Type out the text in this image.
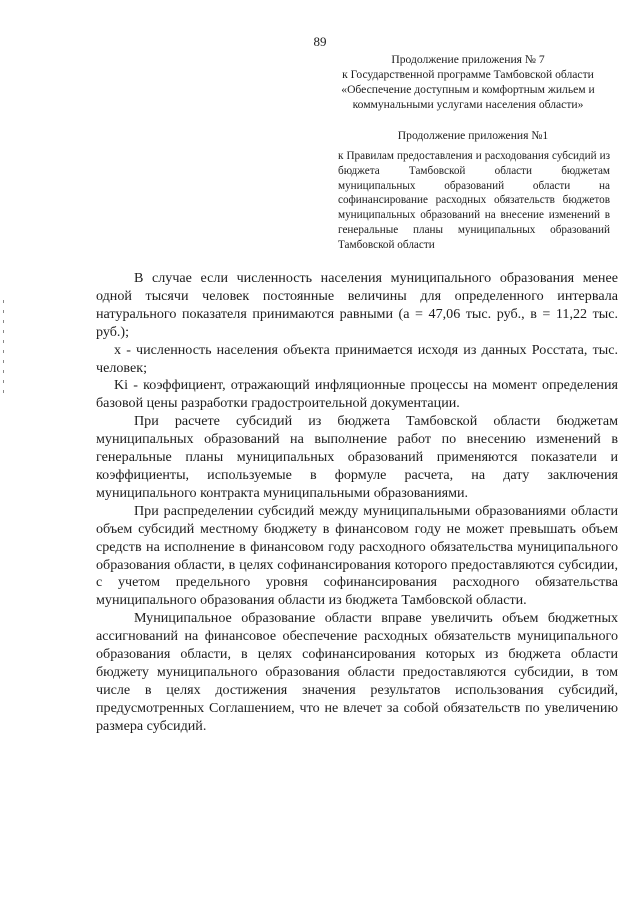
89
Продолжение приложения № 7
к Государственной программе Тамбовской области
«Обеспечение доступным и комфортным жильем и
коммунальными услугами населения области»
Продолжение приложения №1
к Правилам предоставления и расходования субсидий из бюджета Тамбовской области бюджетам муниципальных образований области на софинансирование расходных обязательств бюджетов муниципальных образований на внесение изменений в генеральные планы муниципальных образований Тамбовской области

В случае если численность населения муниципального образования менее одной тысячи человек постоянные величины для определенного интервала натурального показателя принимаются равными (а = 47,06 тыс. руб., в = 11,22 тыс. руб.);

х - численность населения объекта принимается исходя из данных Росстата, тыс. человек;

Ki - коэффициент, отражающий инфляционные процессы на момент определения базовой цены разработки градостроительной документации.

При расчете субсидий из бюджета Тамбовской области бюджетам муниципальных образований на выполнение работ по внесению изменений в генеральные планы муниципальных образований применяются показатели и коэффициенты, используемые в формуле расчета, на дату заключения муниципального контракта муниципальными образованиями.

При распределении субсидий между муниципальными образованиями области объем субсидий местному бюджету в финансовом году не может превышать объем средств на исполнение в финансовом году расходного обязательства муниципального образования области, в целях софинансирования которого предоставляются субсидии, с учетом предельного уровня софинансирования расходного обязательства муниципального образования области из бюджета Тамбовской области.

Муниципальное образование области вправе увеличить объем бюджетных ассигнований на финансовое обеспечение расходных обязательств муниципального образования области, в целях софинансирования которых из бюджета области бюджету муниципального образования области предоставляются субсидии, в том числе в целях достижения значения результатов использования субсидий, предусмотренных Соглашением, что не влечет за собой обязательств по увеличению размера субсидий.
